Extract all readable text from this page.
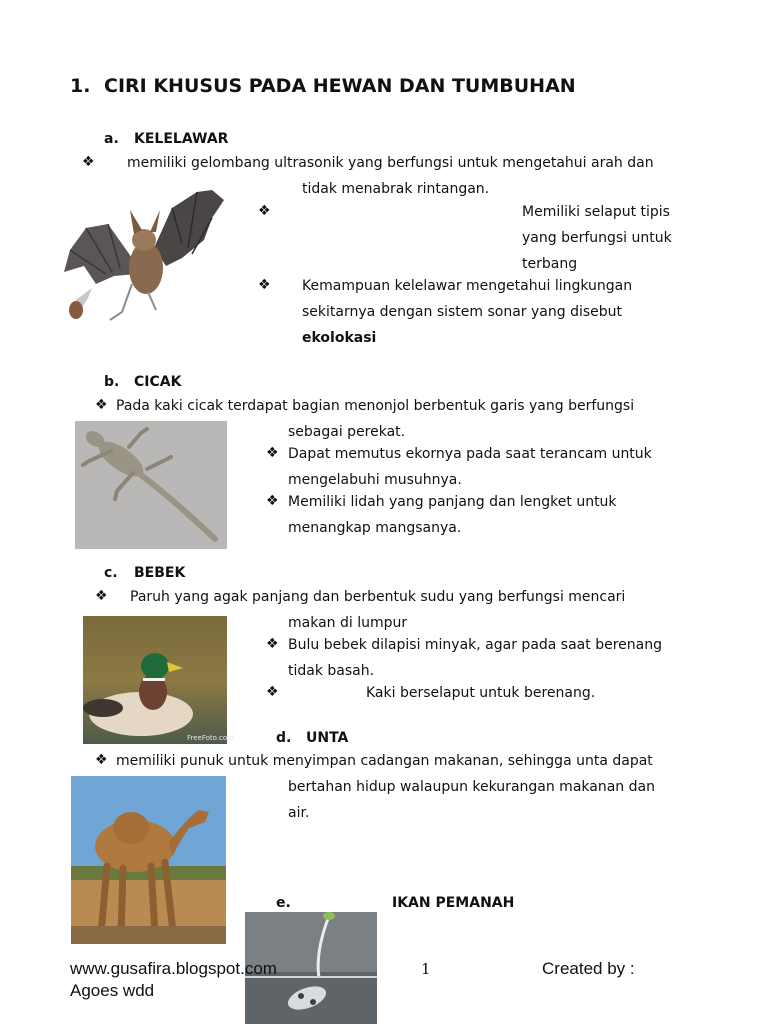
1. CIRI KHUSUS PADA HEWAN DAN TUMBUHAN
a. KELELAWAR
❖ memiliki gelombang ultrasonik yang berfungsi untuk mengetahui arah dan
tidak menabrak rintangan.
❖	Memiliki selaput tipis
yang berfungsi untuk
terbang
❖ Kemampuan kelelawar mengetahui lingkungan
sekitarnya dengan sistem sonar yang disebut
ekolokasi
b. CICAK
❖ Pada kaki cicak terdapat bagian menonjol berbentuk garis yang berfungsi
sebagai perekat.
❖ Dapat memutus ekornya pada saat terancam untuk
mengelabuhi musuhnya.
❖ Memiliki lidah yang panjang dan lengket untuk
menangkap mangsanya.
c. BEBEK
❖ Paruh yang agak panjang dan berbentuk sudu yang berfungsi mencari
makan di lumpur
❖ Bulu bebek dilapisi minyak, agar pada saat berenang
tidak basah.
❖	Kaki berselaput untuk berenang.
FreeFoto.com	d. UNTA
❖ memiliki punuk untuk menyimpan cadangan makanan, sehingga unta dapat
bertahan hidup walaupun kekurangan makanan dan
air.
e.	IKAN PEMANAH
www.gusafira.blogspot.com	1	Created by :
Agoes wdd
